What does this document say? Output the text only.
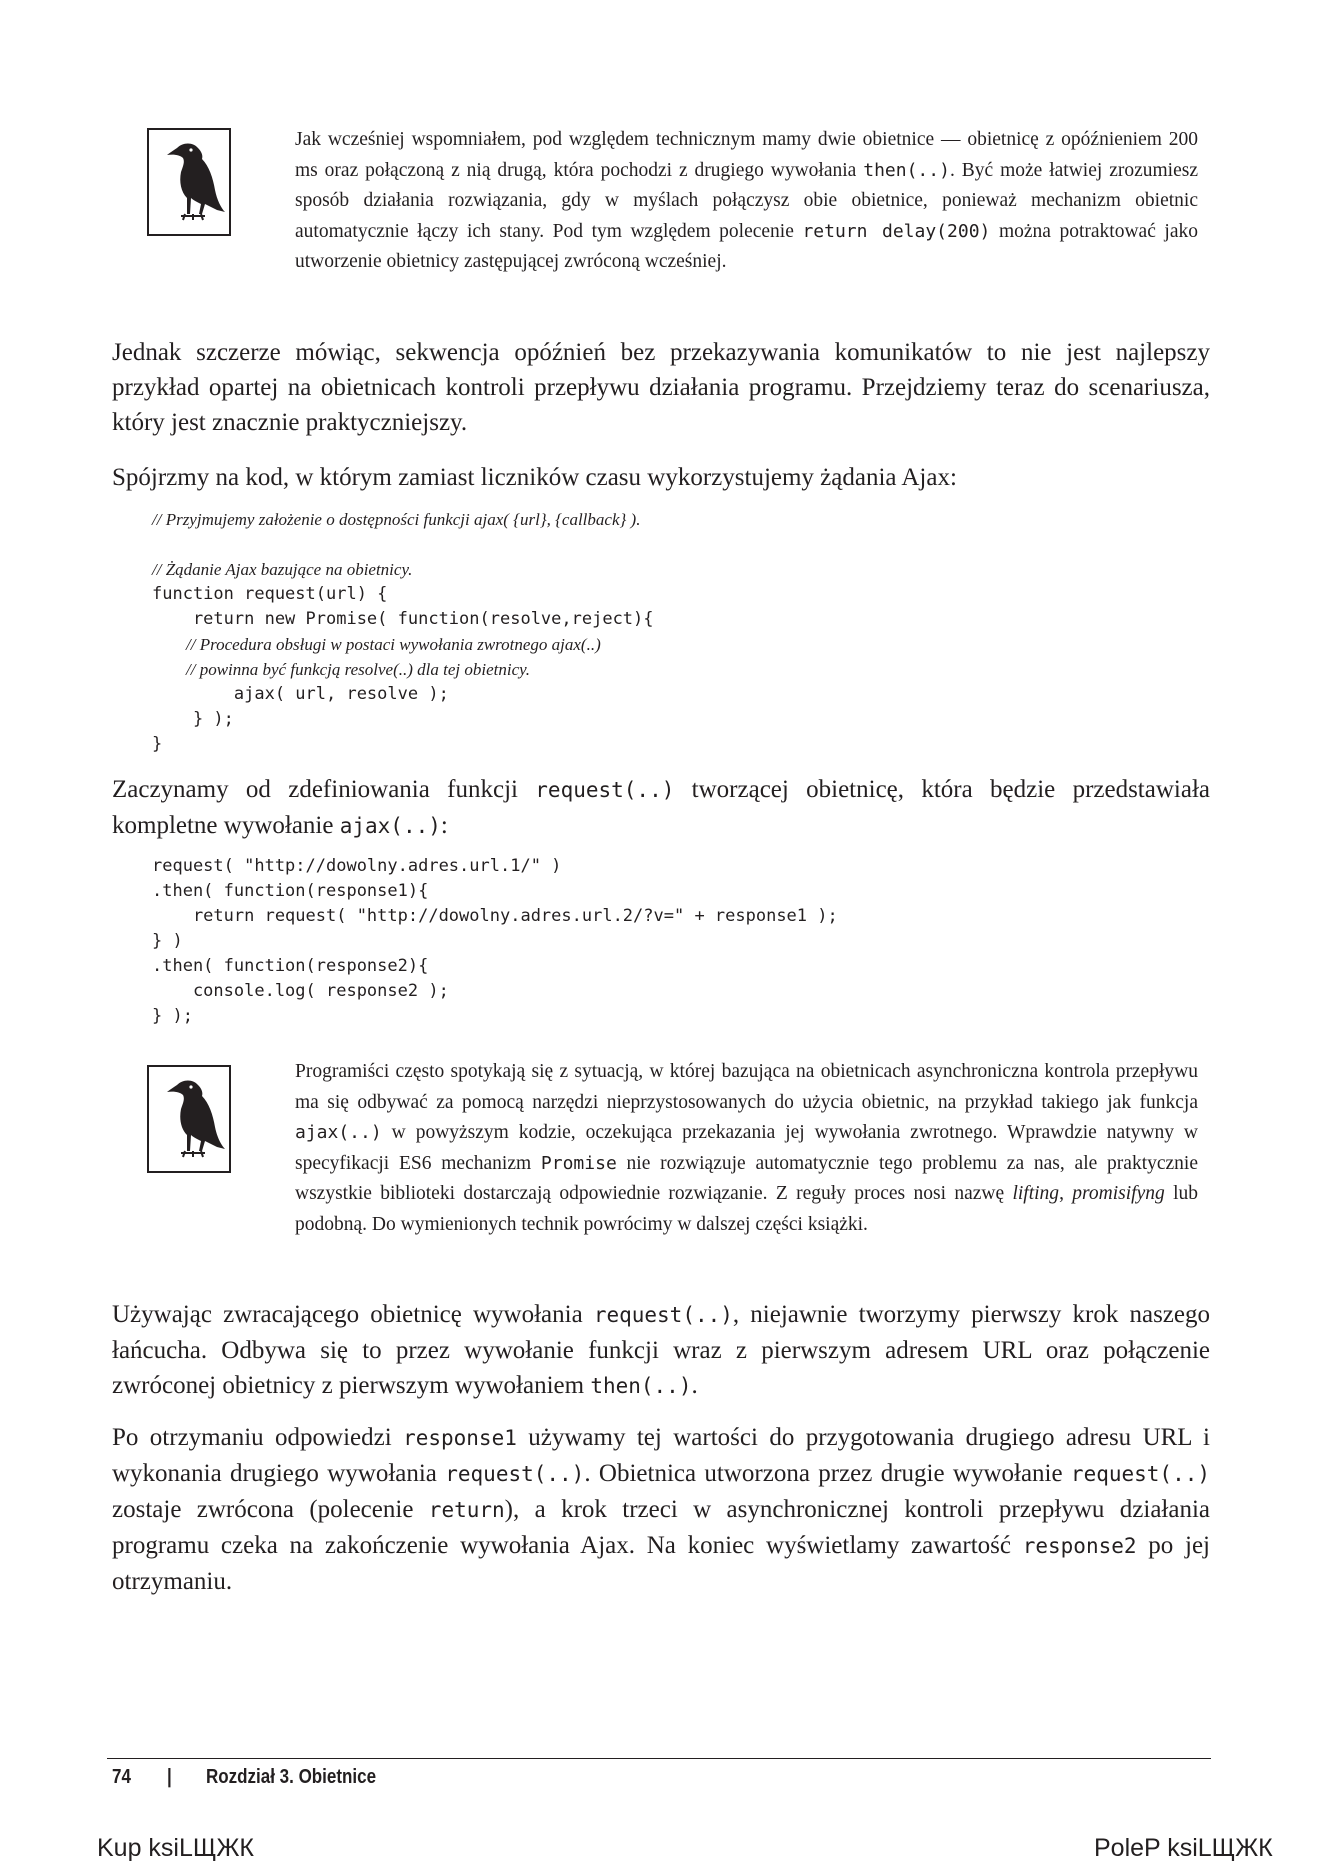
Jak wcześniej wspomniałem, pod względem technicznym mamy dwie obietnice — obietnicę z opóźnieniem 200 ms oraz połączoną z nią drugą, która pochodzi z drugiego wywołania then(..). Być może łatwiej zrozumiesz sposób działania rozwiązania, gdy w myślach połączysz obie obietnice, ponieważ mechanizm obietnic automatycznie łączy ich stany. Pod tym względem polecenie return delay(200) można potraktować jako utworzenie obietnicy zastępującej zwróconą wcześniej.

Jednak szczerze mówiąc, sekwencja opóźnień bez przekazywania komunikatów to nie jest najlepszy przykład opartej na obietnicach kontroli przepływu działania programu. Przejdziemy teraz do scenariusza, który jest znacznie praktyczniejszy.

Spójrzmy na kod, w którym zamiast liczników czasu wykorzystujemy żądania Ajax:

// Przyjmujemy założenie o dostępności funkcji ajax( {url}, {callback} ).
// Żądanie Ajax bazujące na obietnicy.
function request(url) {
return new Promise( function(resolve,reject){
// Procedura obsługi w postaci wywołania zwrotnego ajax(..)
// powinna być funkcją resolve(..) dla tej obietnicy.
ajax( url, resolve );
} );
}

Zaczynamy od zdefiniowania funkcji request(..) tworzącej obietnicę, która będzie przedstawiała kompletne wywołanie ajax(..):

request( "http://dowolny.adres.url.1/" )
.then( function(response1){
return request( "http://dowolny.adres.url.2/?v=" + response1 );
} )
.then( function(response2){
console.log( response2 );
} );

Programiści często spotykają się z sytuacją, w której bazująca na obietnicach asynchroniczna kontrola przepływu ma się odbywać za pomocą narzędzi nieprzystosowanych do użycia obietnic, na przykład takiego jak funkcja ajax(..) w powyższym kodzie, oczekująca przekazania jej wywołania zwrotnego. Wprawdzie natywny w specyfikacji ES6 mechanizm Promise nie rozwiązuje automatycznie tego problemu za nas, ale praktycznie wszystkie biblioteki dostarczają odpowiednie rozwiązanie. Z reguły proces nosi nazwę lifting, promisifyng lub podobną. Do wymienionych technik powrócimy w dalszej części książki.

Używając zwracającego obietnicę wywołania request(..), niejawnie tworzymy pierwszy krok naszego łańcucha. Odbywa się to przez wywołanie funkcji wraz z pierwszym adresem URL oraz połączenie zwróconej obietnicy z pierwszym wywołaniem then(..).

Po otrzymaniu odpowiedzi response1 używamy tej wartości do przygotowania drugiego adresu URL i wykonania drugiego wywołania request(..). Obietnica utworzona przez drugie wywołanie request(..) zostaje zwrócona (polecenie return), a krok trzeci w asynchronicznej kontroli przepływu działania programu czeka na zakończenie wywołania Ajax. Na koniec wyświetlamy zawartość response2 po jej otrzymaniu.

74 | Rozdział 3. Obietnice
Kup ksiLЩЖК	PoleP ksiLЩЖК
